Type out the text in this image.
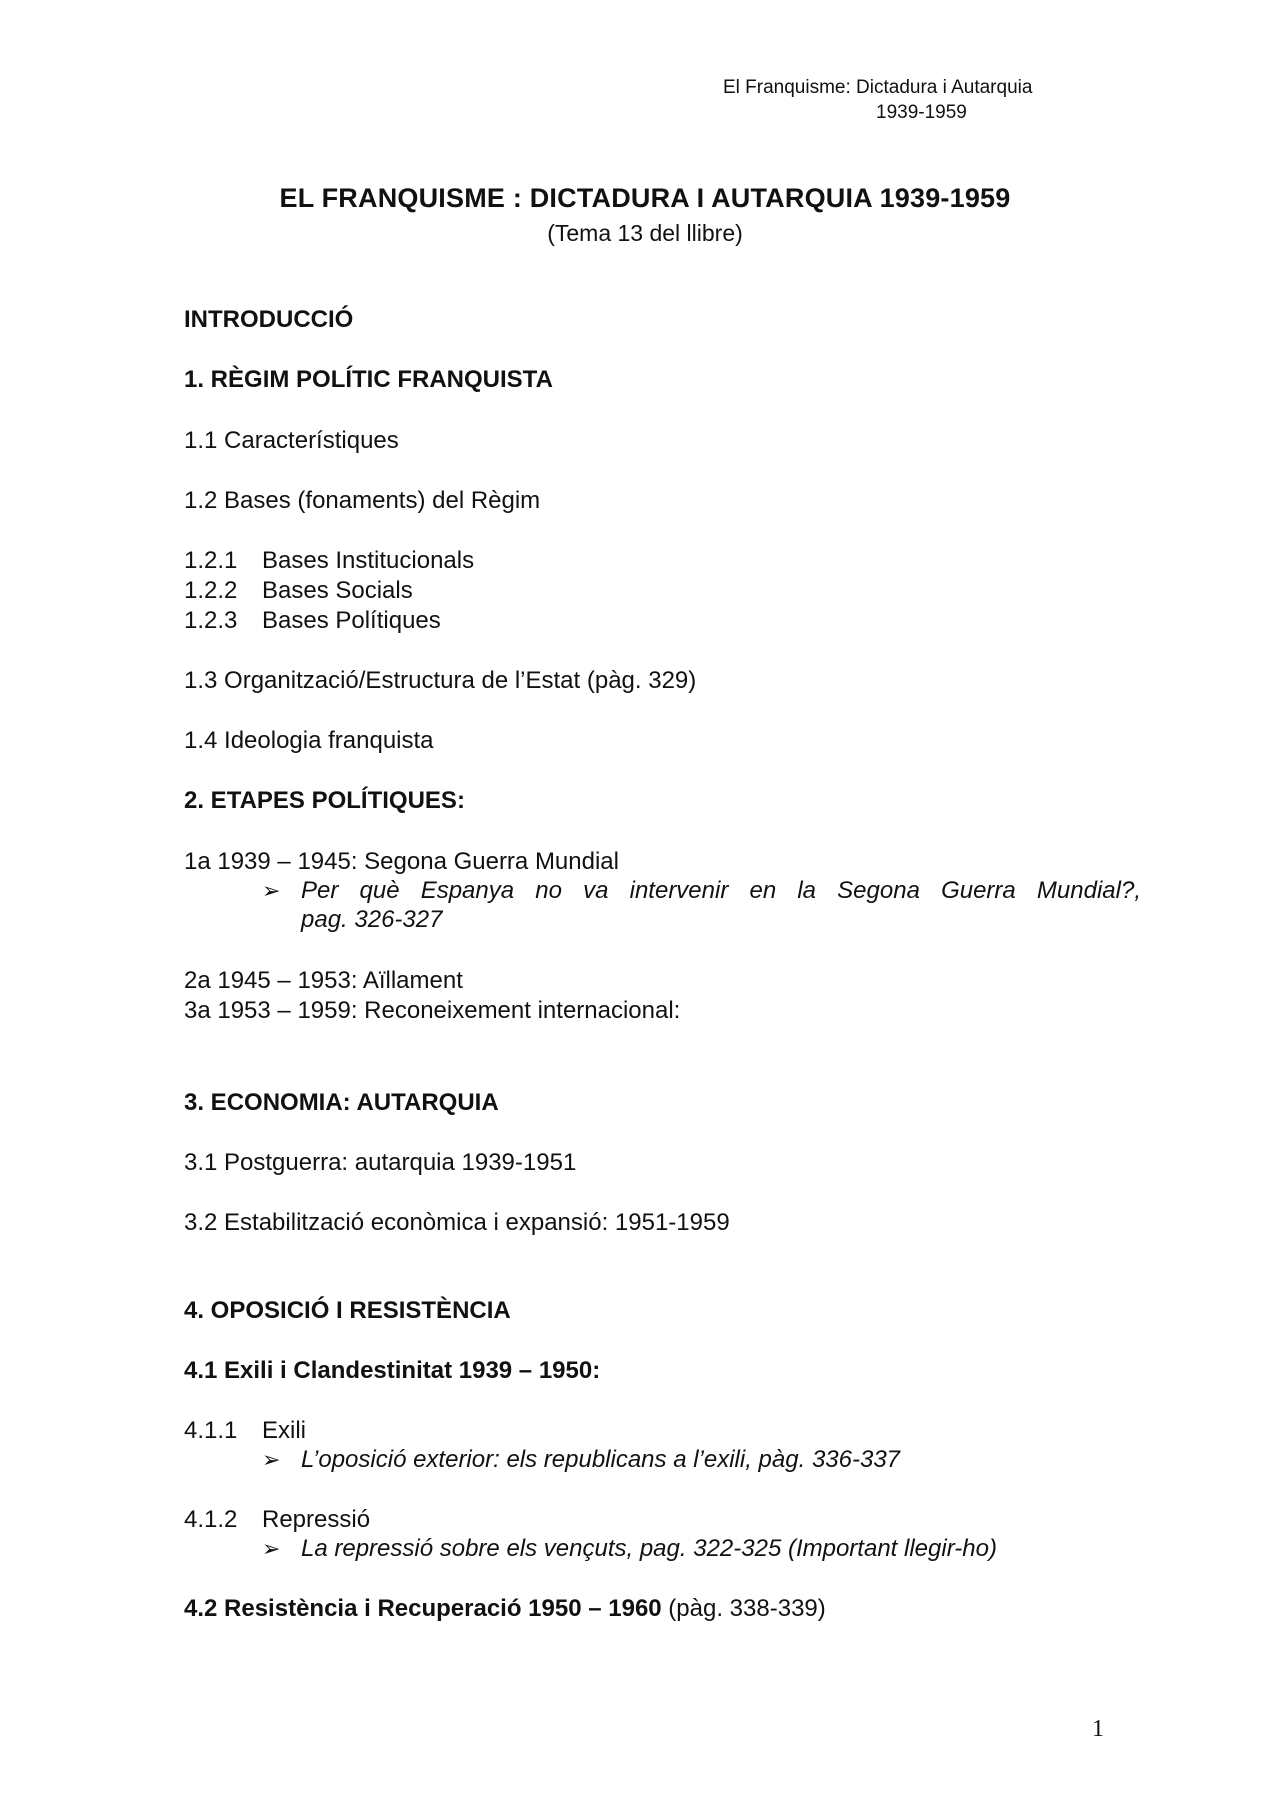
El Franquisme: Dictadura i Autarquia
1939-1959
EL FRANQUISME : DICTADURA I AUTARQUIA 1939-1959
(Tema 13 del llibre)
INTRODUCCIÓ
1. RÈGIM POLÍTIC FRANQUISTA
1.1 Característiques
1.2 Bases (fonaments) del Règim
1.2.1 Bases Institucionals
1.2.2 Bases Socials
1.2.3 Bases Polítiques
1.3 Organització/Estructura de l’Estat (pàg. 329)
1.4 Ideologia franquista
2. ETAPES POLÍTIQUES:
1a 1939 – 1945: Segona Guerra Mundial
➢ Per què Espanya no va intervenir en la Segona Guerra Mundial?,
pag. 326-327
2a 1945 – 1953: Aïllament
3a 1953 – 1959: Reconeixement internacional:
3. ECONOMIA: AUTARQUIA
3.1 Postguerra: autarquia 1939-1951
3.2 Estabilització econòmica i expansió: 1951-1959
4. OPOSICIÓ I RESISTÈNCIA
4.1 Exili i Clandestinitat 1939 – 1950:
4.1.1 Exili
➢ L’oposició exterior: els republicans a l’exili, pàg. 336-337
4.1.2 Repressió
➢ La repressió sobre els vençuts, pag. 322-325 (Important llegir-ho)
4.2 Resistència i Recuperació 1950 – 1960 (pàg. 338-339)
1
